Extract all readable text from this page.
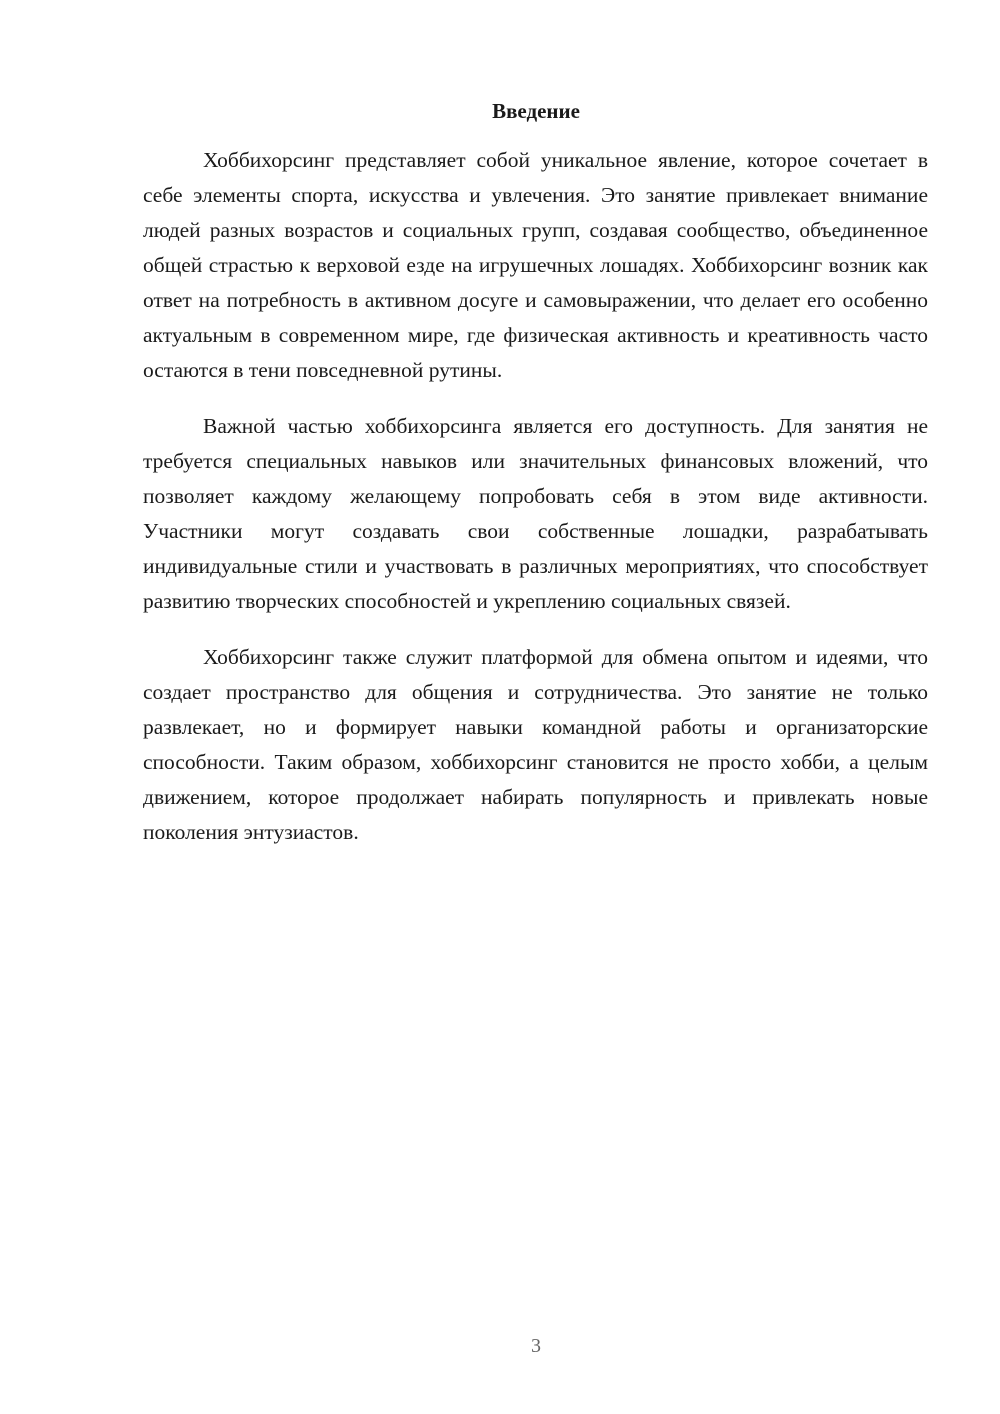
Введение

Хоббихорсинг представляет собой уникальное явление, которое сочетает в себе элементы спорта, искусства и увлечения. Это занятие привлекает внимание людей разных возрастов и социальных групп, создавая сообщество, объединенное общей страстью к верховой езде на игрушечных лошадях. Хоббихорсинг возник как ответ на потребность в активном досуге и самовыражении, что делает его особенно актуальным в современном мире, где физическая активность и креативность часто остаются в тени повседневной рутины.

Важной частью хоббихорсинга является его доступность. Для занятия не требуется специальных навыков или значительных финансовых вложений, что позволяет каждому желающему попробовать себя в этом виде активности. Участники могут создавать свои собственные лошадки, разрабатывать индивидуальные стили и участвовать в различных мероприятиях, что способствует развитию творческих способностей и укреплению социальных связей.

Хоббихорсинг также служит платформой для обмена опытом и идеями, что создает пространство для общения и сотрудничества. Это занятие не только развлекает, но и формирует навыки командной работы и организаторские способности. Таким образом, хоббихорсинг становится не просто хобби, а целым движением, которое продолжает набирать популярность и привлекать новые поколения энтузиастов.

3
